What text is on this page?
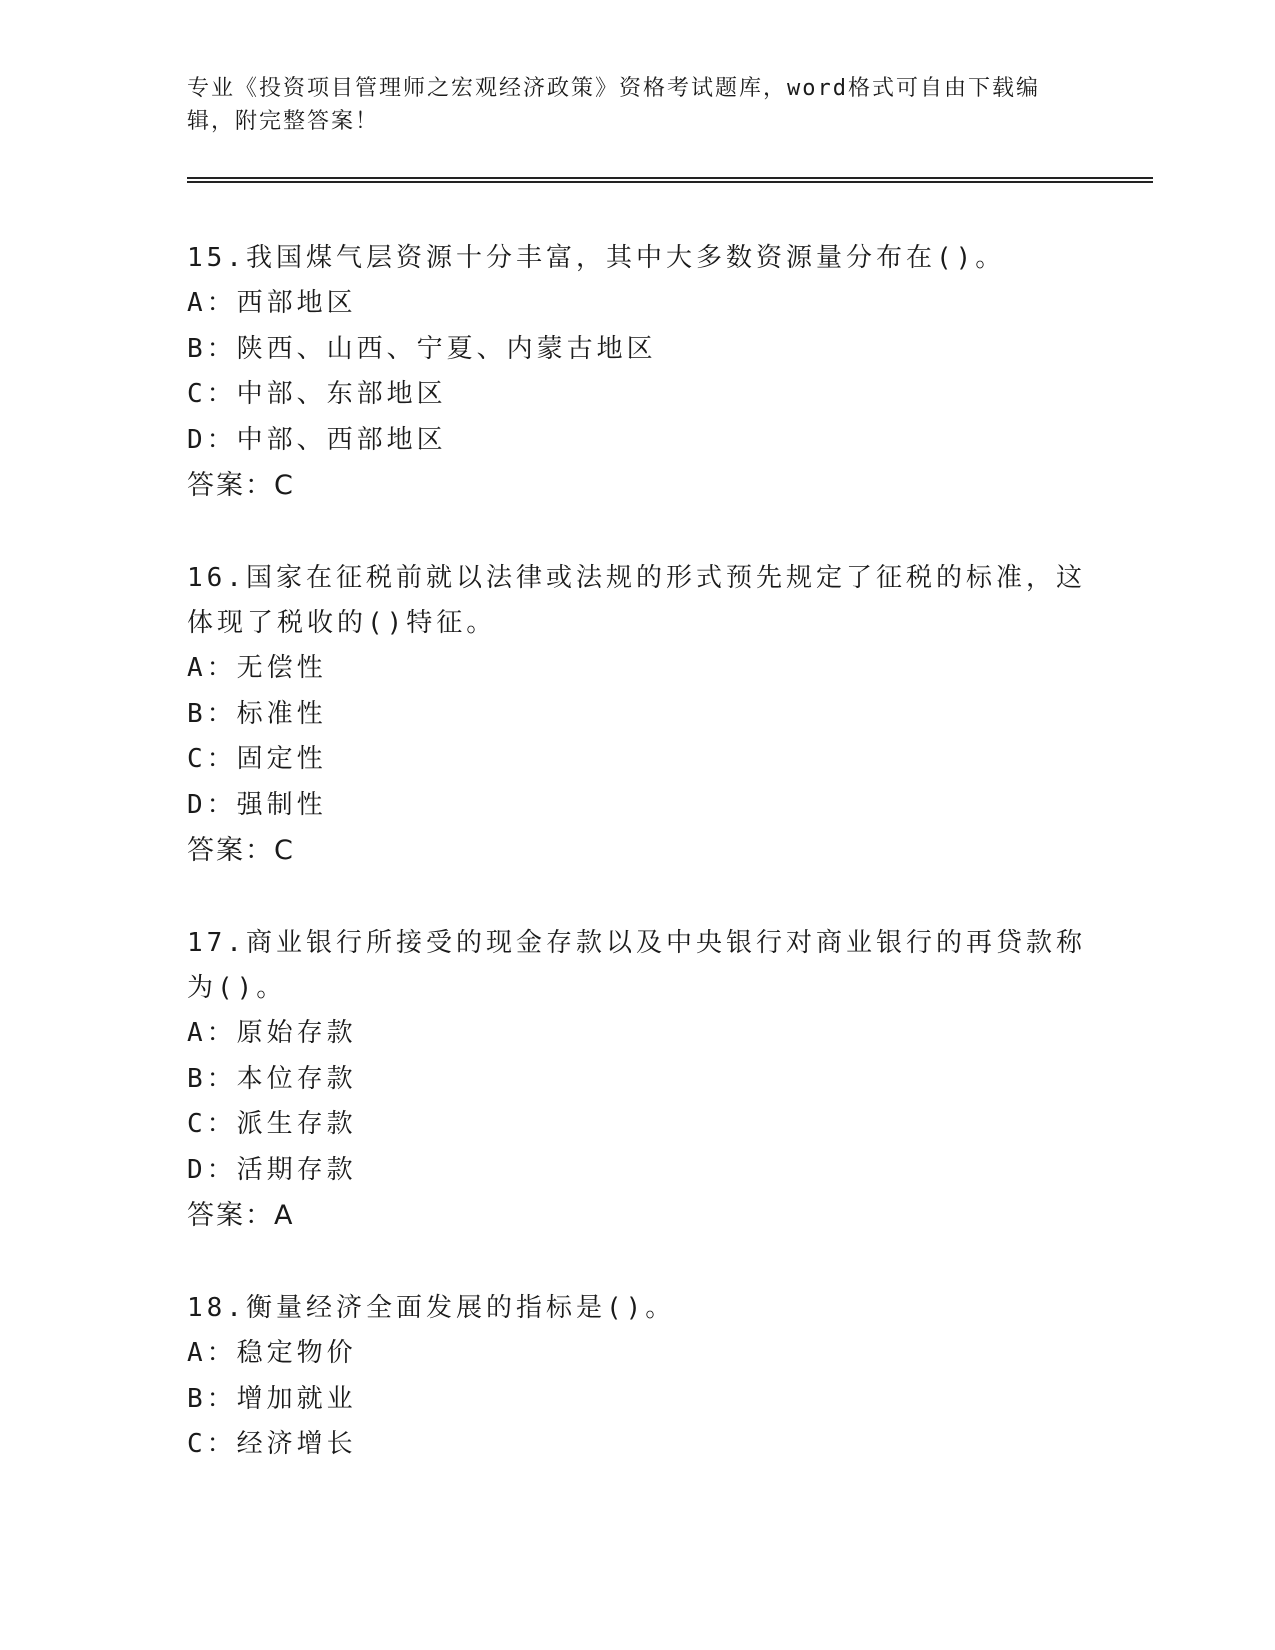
专业《投资项目管理师之宏观经济政策》资格考试题库，word格式可自由下载编辑，附完整答案！
15.我国煤气层资源十分丰富，其中大多数资源量分布在()。
A：西部地区
B：陕西、山西、宁夏、内蒙古地区
C：中部、东部地区
D：中部、西部地区
答案：C
16.国家在征税前就以法律或法规的形式预先规定了征税的标准，这体现了税收的()特征。
A：无偿性
B：标准性
C：固定性
D：强制性
答案：C
17.商业银行所接受的现金存款以及中央银行对商业银行的再贷款称为()。
A：原始存款
B：本位存款
C：派生存款
D：活期存款
答案：A
18.衡量经济全面发展的指标是()。
A：稳定物价
B：增加就业
C：经济增长
